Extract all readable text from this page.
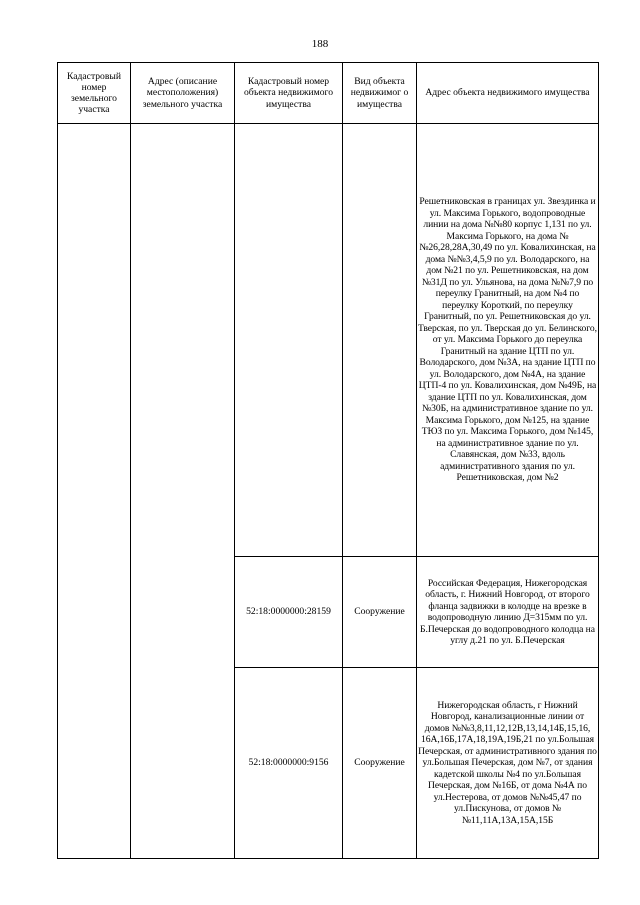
188
Кадастровый номер земельного участка	Адрес (описание местоположения) земельного участка	Кадастровый номер объекта недвижимого имущества	Вид объекта недвижимог о имущества	Адрес объекта недвижимого имущества
				Решетниковская в границах ул. Звездинка и ул. Максима Горького, водопроводные линии на дома №№80 корпус 1,131 по ул. Максима Горького, на дома №№26,28,28А,30,49 по ул. Ковалихинская, на дома №№3,4,5,9 по ул. Володарского, на дом №21 по ул. Решетниковская, на дом №31Д по ул. Ульянова, на дома №№7,9 по переулку Гранитный, на дом №4 по переулку Короткий, по переулку Гранитный, по ул. Решетниковская до ул. Тверская, по ул. Тверская до ул. Белинского, от ул. Максима Горького до переулка Гранитный на здание ЦТП по ул. Володарского, дом №3А, на здание ЦТП по ул. Володарского, дом №4А, на здание ЦТП-4 по ул. Ковалихинская, дом №49Б, на здание ЦТП по ул. Ковалихинская, дом №30Б, на административное здание по ул. Максима Горького, дом №125, на здание ТЮЗ по ул. Максима Горького, дом №145, на административное здание по ул. Славянская, дом №33, вдоль административного здания по ул. Решетниковская, дом №2
		52:18:0000000:28159	Сооружение	Российская Федерация, Нижегородская область, г. Нижний Новгород, от второго фланца задвижки в колодце на врезке в водопроводную линию Д=315мм по ул. Б.Печерская до водопроводного колодца на углу д.21 по ул. Б.Печерская
		52:18:0000000:9156	Сооружение	Нижегородская область, г Нижний Новгород, канализационные линии от домов №№3,8,11,12,12В,13,14,14Б,15,16, 16А,16Б,17А,18,19А,19Б,21 по ул.Большая Печерская, от административного здания по ул.Большая Печерская, дом №7, от здания кадетской школы №4 по ул.Большая Печерская, дом №16Б, от дома №4А по ул.Нестерова, от домов №№45,47 по ул.Пискунова, от домов №№11,11А,13А,15А,15Б
